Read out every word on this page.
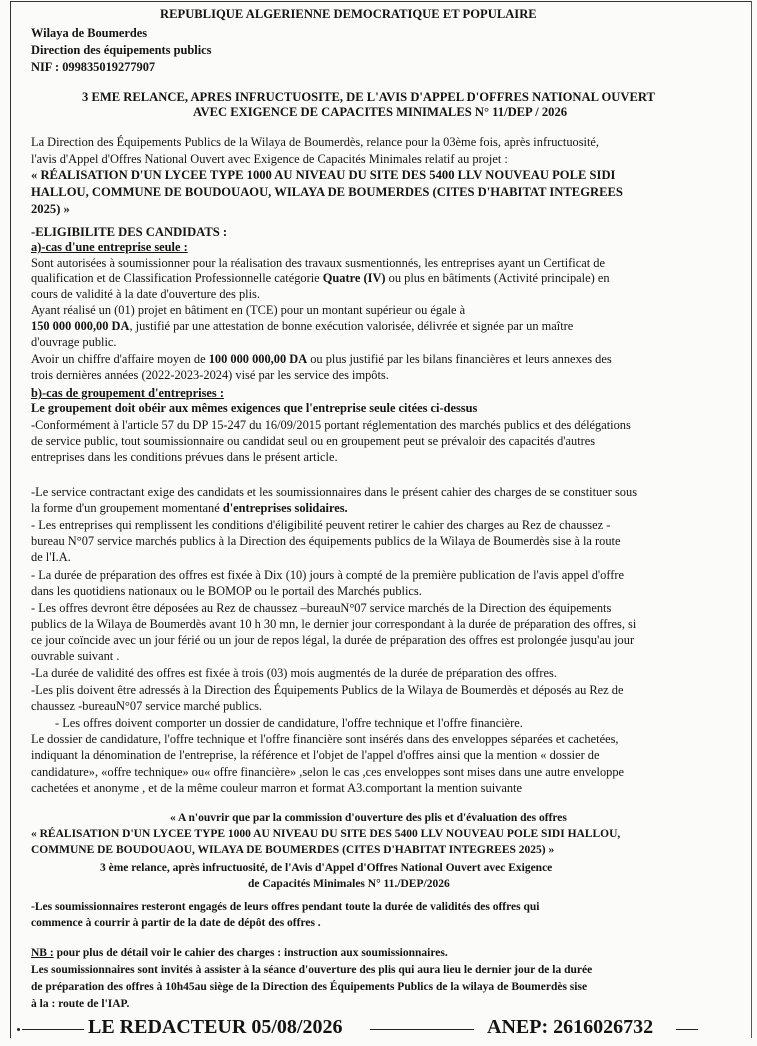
REPUBLIQUE ALGERIENNE DEMOCRATIQUE ET POPULAIRE
Wilaya de Boumerdes
Direction des équipements publics
NIF : 099835019277907
3 EME RELANCE, APRES INFRUCTUOSITE, DE L'AVIS D'APPEL D'OFFRES NATIONAL OUVERT
AVEC EXIGENCE DE CAPACITES MINIMALES N° 11/DEP / 2026
La Direction des Équipements Publics de la Wilaya de Boumerdès, relance pour la 03ème fois, après infructuosité,
l'avis d'Appel d'Offres National Ouvert avec Exigence de Capacités Minimales relatif au projet :
« RÉALISATION D'UN LYCEE TYPE 1000 AU NIVEAU DU SITE DES 5400 LLV NOUVEAU POLE SIDI
HALLOU, COMMUNE DE BOUDOUAOU, WILAYA DE BOUMERDES (CITES D'HABITAT INTEGREES
2025) »
-ELIGIBILITE DES CANDIDATS :
a)-cas d'une entreprise seule :
Sont autorisées à soumissionner pour la réalisation des travaux susmentionnés, les entreprises ayant un Certificat de
qualification et de Classification Professionnelle catégorie Quatre (IV) ou plus en bâtiments (Activité principale) en
cours de validité à la date d'ouverture des plis.
Ayant réalisé un (01) projet en bâtiment en (TCE) pour un montant supérieur ou égale à
150 000 000,00 DA, justifié par une attestation de bonne exécution valorisée, délivrée et signée par un maître
d'ouvrage public.
Avoir un chiffre d'affaire moyen de 100 000 000,00 DA ou plus justifié par les bilans financières et leurs annexes des
trois dernières années (2022-2023-2024) visé par les service des impôts.
b)-cas de groupement d'entreprises :
Le groupement doit obéir aux mêmes exigences que l'entreprise seule citées ci-dessus
-Conformément à l'article 57 du DP 15-247 du 16/09/2015 portant réglementation des marchés publics et des délégations
de service public, tout soumissionnaire ou candidat seul ou en groupement peut se prévaloir des capacités d'autres
entreprises dans les conditions prévues dans le présent article.
-Le service contractant exige des candidats et les soumissionnaires dans le présent cahier des charges de se constituer sous
la forme d'un groupement momentané d'entreprises solidaires.
- Les entreprises qui remplissent les conditions d'éligibilité peuvent retirer le cahier des charges au Rez de chaussez -
bureau N°07 service marchés publics à la Direction des équipements publics de la Wilaya de Boumerdès sise à la route
de l'I.A.
- La durée de préparation des offres est fixée à Dix (10) jours à compté de la première publication de l'avis appel d'offre
dans les quotidiens nationaux ou le BOMOP ou le portail des Marchés publics.
- Les offres devront être déposées au Rez de chaussez –bureauN°07 service marchés de la Direction des équipements
publics de la Wilaya de Boumerdès avant 10 h 30 mn, le dernier jour correspondant à la durée de préparation des offres, si
ce jour coïncide avec un jour férié ou un jour de repos légal, la durée de préparation des offres est prolongée jusqu'au jour
ouvrable suivant .
-La durée de validité des offres est fixée à trois (03) mois augmentés de la durée de préparation des offres.
-Les plis doivent être adressés à la Direction des Équipements Publics de la Wilaya de Boumerdès et déposés au Rez de
chaussez -bureauN°07 service marché publics.
- Les offres doivent comporter un dossier de candidature, l'offre technique et l'offre financière.
Le dossier de candidature, l'offre technique et l'offre financière sont insérés dans des enveloppes séparées et cachetées,
indiquant la dénomination de l'entreprise, la référence et l'objet de l'appel d'offres ainsi que la mention « dossier de
candidature», «offre technique» ou« offre financière» ,selon le cas ,ces enveloppes sont mises dans une autre enveloppe
cachetées et anonyme , et de la même couleur marron et format A3.comportant la mention suivante
« A n'ouvrir que par la commission d'ouverture des plis et d'évaluation des offres
« RÉALISATION D'UN LYCEE TYPE 1000 AU NIVEAU DU SITE DES 5400 LLV NOUVEAU POLE SIDI HALLOU,
COMMUNE DE BOUDOUAOU, WILAYA DE BOUMERDES (CITES D'HABITAT INTEGREES 2025) »
3 ème relance, après infructuosité, de l'Avis d'Appel d'Offres National Ouvert avec Exigence
de Capacités Minimales N° 11./DEP/2026
-Les soumissionnaires resteront engagés de leurs offres pendant toute la durée de validités des offres qui
commence à courrir à partir de la date de dépôt des offres .
NB : pour plus de détail voir le cahier des charges : instruction aux soumissionnaires.
Les soumissionnaires sont invités à assister à la séance d'ouverture des plis qui aura lieu le dernier jour de la durée
de préparation des offres à 10h45au siège de la Direction des Équipements Publics de la wilaya de Boumerdès sise
à la : route de l'IAP.
LE REDACTEUR 05/08/2026	ANEP: 2616026732
